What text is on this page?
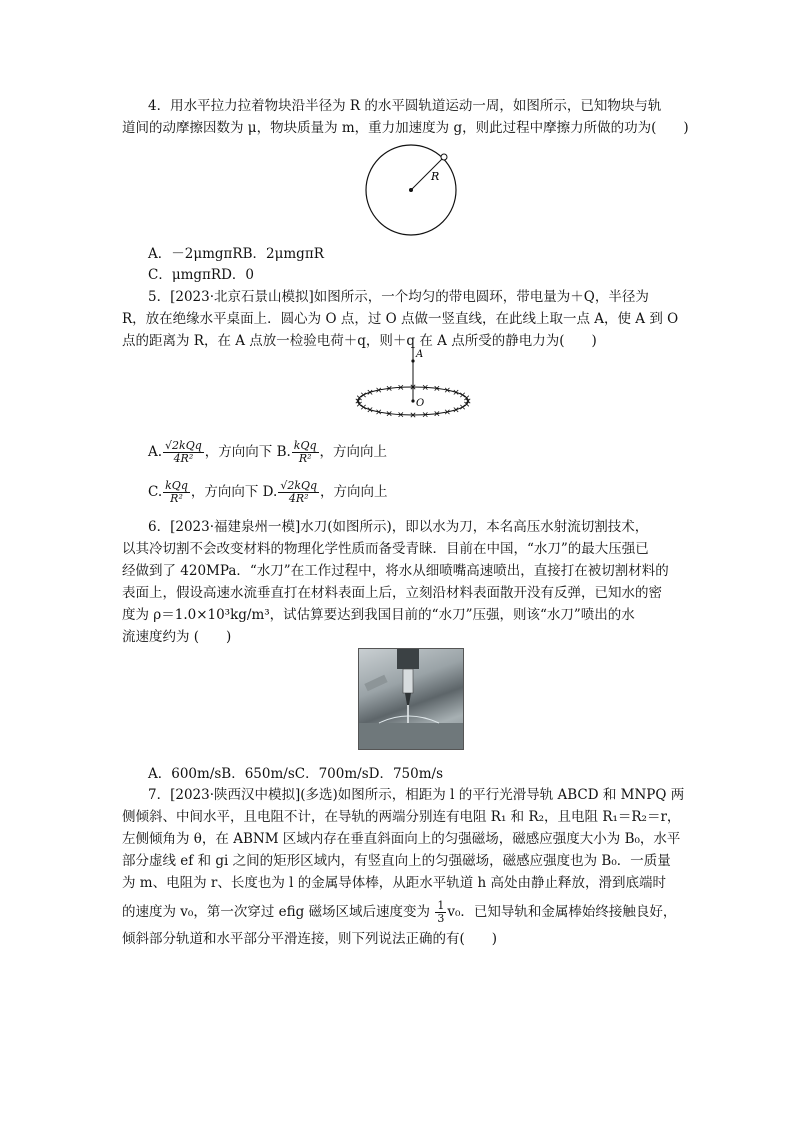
4．用水平拉力拉着物块沿半径为 R 的水平圆轨道运动一周，如图所示，已知物块与轨
道间的动摩擦因数为 μ，物块质量为 m，重力加速度为 g，则此过程中摩擦力所做的功为(　　)
R
A．－2μmgπRB．2μmgπR
C．μmgπRD．0
5．[2023·北京石景山模拟]如图所示，一个均匀的带电圆环，带电量为＋Q，半径为
R，放在绝缘水平桌面上．圆心为 O 点，过 O 点做一竖直线，在此线上取一点 A，使 A 到 O
点的距离为 R，在 A 点放一检验电荷＋q，则＋q 在 A 点所受的静电力为(　　)
A
O
A. $\frac{\text{√2kQq}}{\text{4R²}}$ ，方向向下 B. $\frac{\text{kQq}}{\text{R²}}$ ，方向向上
C. $\frac{\text{kQq}}{\text{R²}}$ ，方向向下 D. $\frac{\text{√2kQq}}{\text{4R²}}$ ，方向向上
6．[2023·福建泉州一模]水刀(如图所示)，即以水为刀，本名高压水射流切割技术，
以其冷切割不会改变材料的物理化学性质而备受青睐．目前在中国，“水刀”的最大压强已
经做到了 420MPa．“水刀”在工作过程中，将水从细喷嘴高速喷出，直接打在被切割材料的
表面上，假设高速水流垂直打在材料表面上后，立刻沿材料表面散开没有反弹，已知水的密
度为 ρ＝1.0×10³kg/m³，试估算要达到我国目前的“水刀”压强，则该“水刀”喷出的水
流速度约为 (　　)
A．600m/sB．650m/sC．700m/sD．750m/s
7．[2023·陕西汉中模拟](多选)如图所示，相距为 l 的平行光滑导轨 ABCD 和 MNPQ 两
侧倾斜、中间水平，且电阻不计，在导轨的两端分别连有电阻 R₁ 和 R₂，且电阻 R₁＝R₂＝r，
左侧倾角为 θ，在 ABNM 区域内存在垂直斜面向上的匀强磁场，磁感应强度大小为 B₀，水平
部分虚线 ef 和 gi 之间的矩形区域内，有竖直向上的匀强磁场，磁感应强度也为 B₀．一质量
为 m、电阻为 r、长度也为 l 的金属导体棒，从距水平轨道 h 高处由静止释放，滑到底端时
的速度为 v₀，第一次穿过 efig 磁场区域后速度变为 $\frac{1}{3} v_0$．已知导轨和金属棒始终接触良好，
倾斜部分轨道和水平部分平滑连接，则下列说法正确的有(　　)
